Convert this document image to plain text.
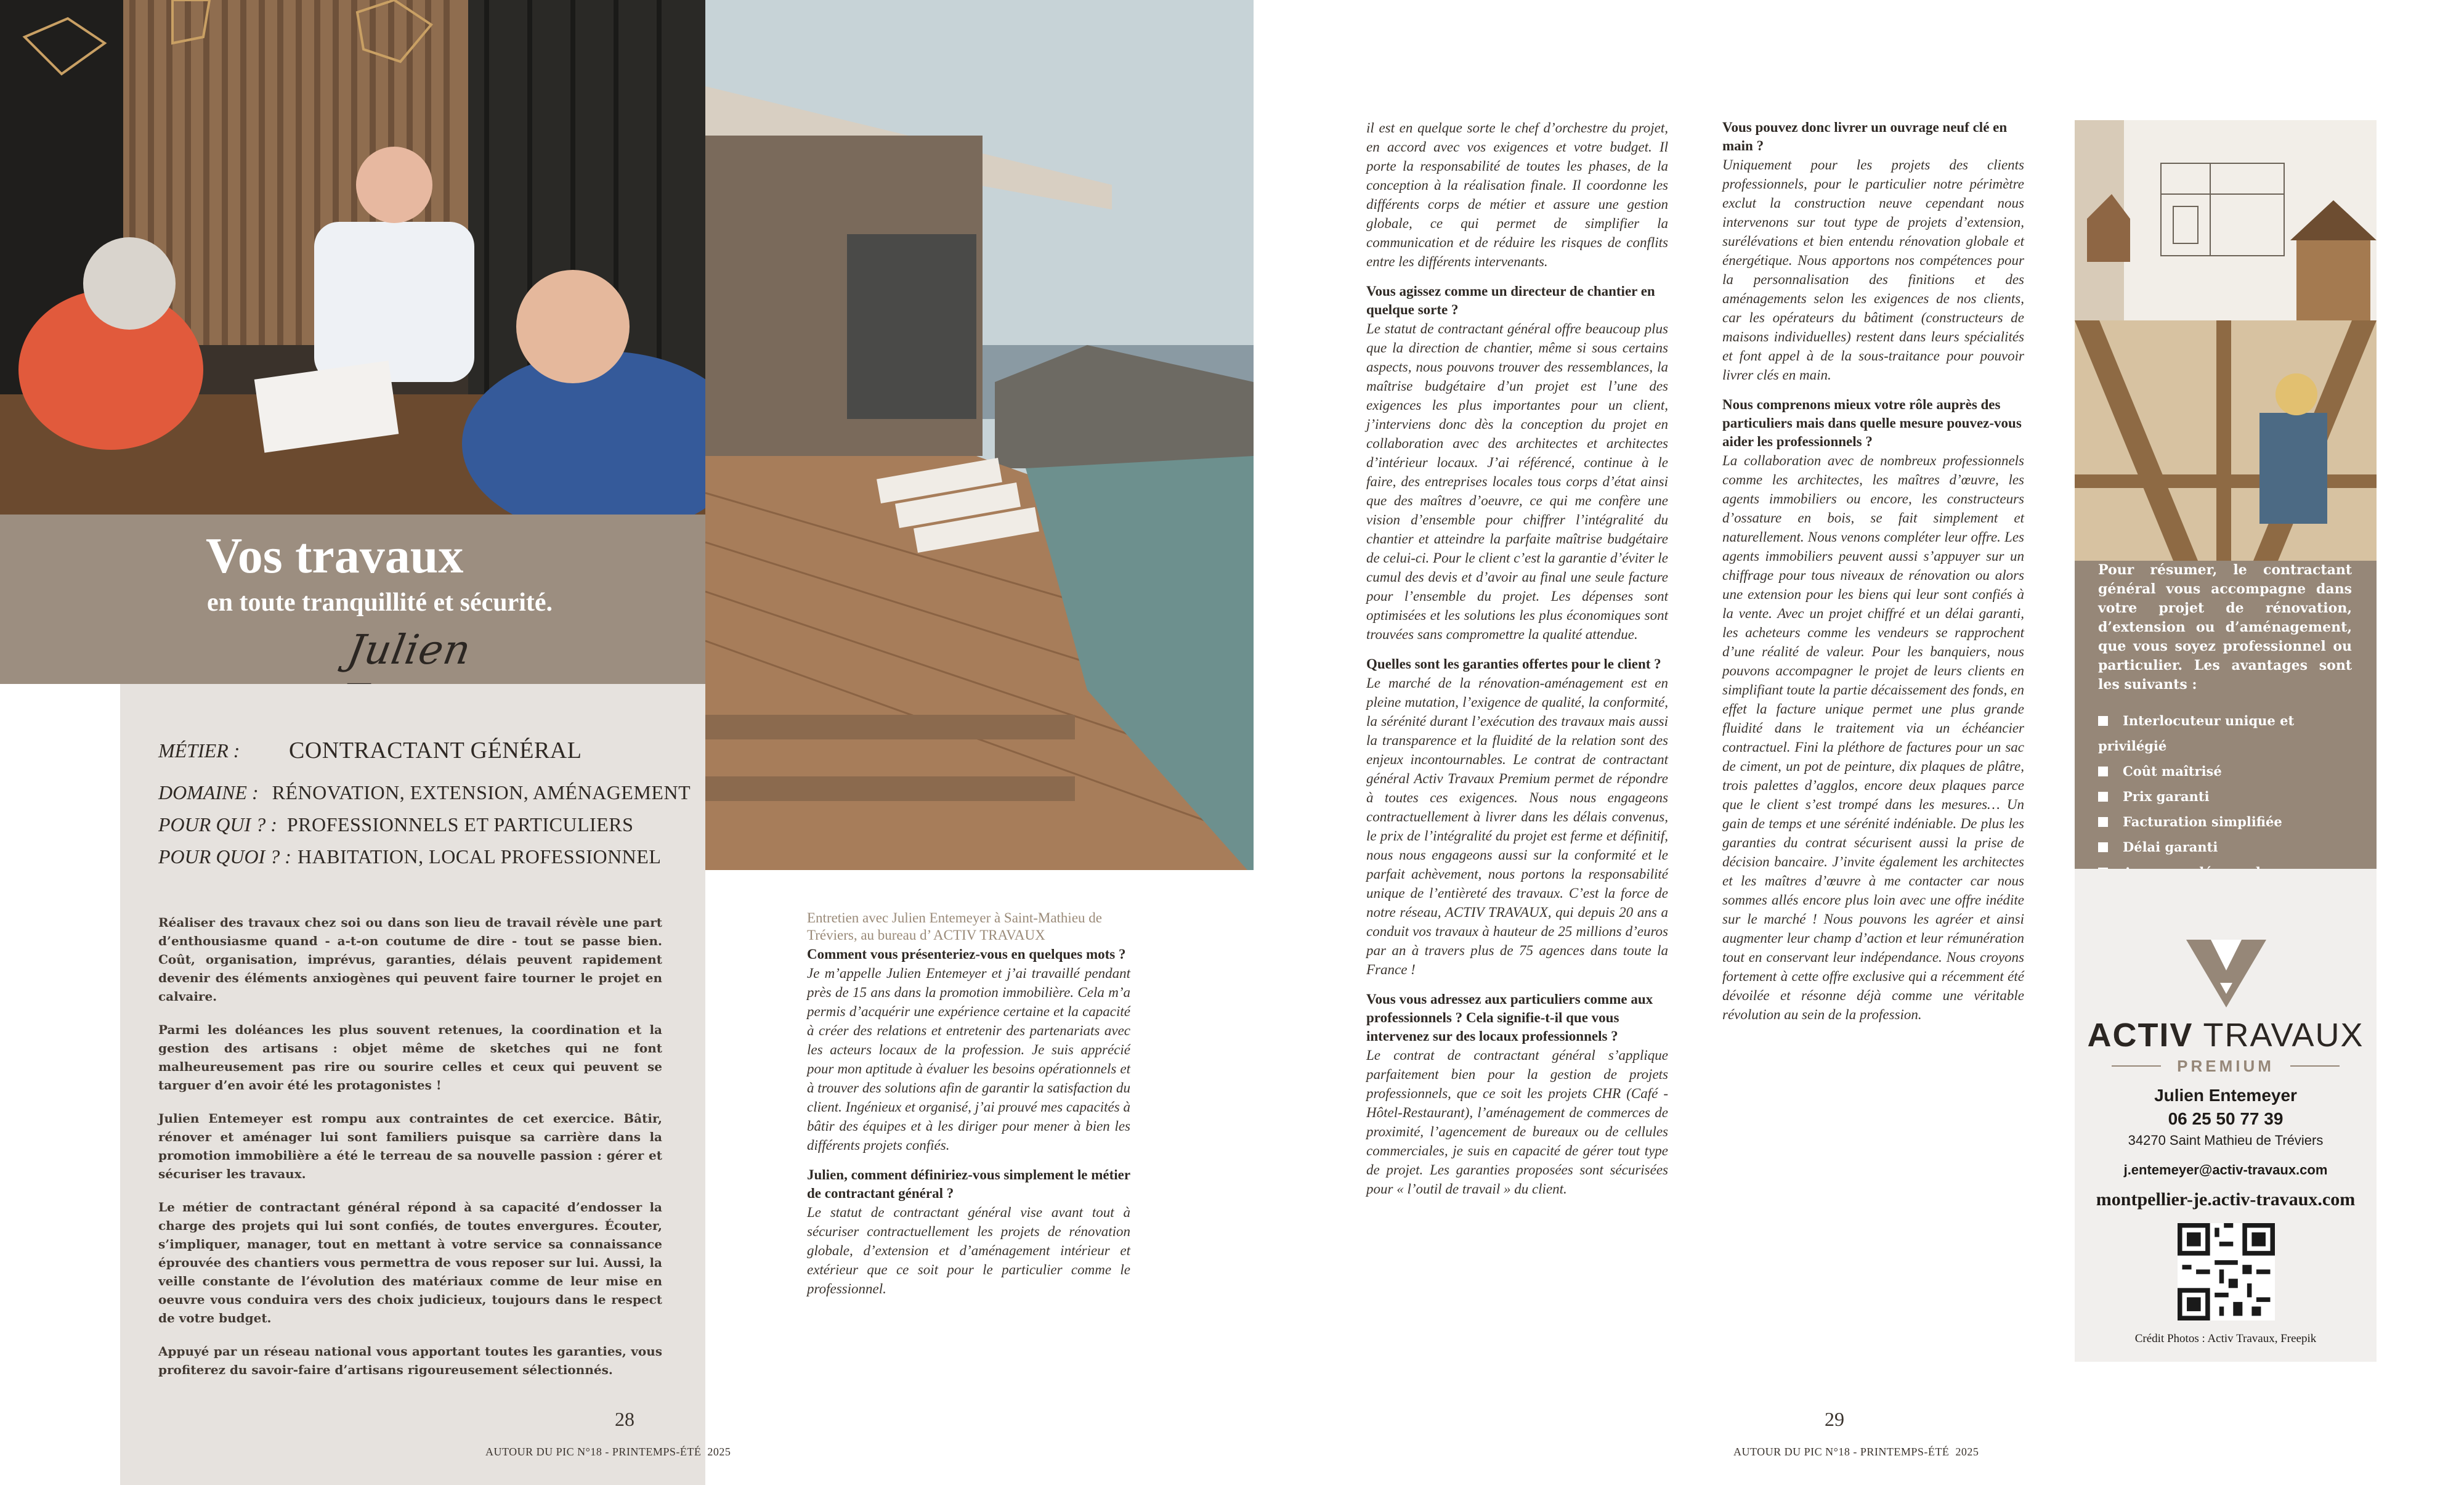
Vos travaux
en toute tranquillité et sécurité.
Julien
MÉTIER : CONTRACTANT GÉNÉRAL
DOMAINE : RÉNOVATION, EXTENSION, AMÉNAGEMENT
POUR QUI ? : PROFESSIONNELS ET PARTICULIERS
POUR QUOI ? : HABITATION, LOCAL PROFESSIONNEL

Réaliser des travaux chez soi ou dans son lieu de travail révèle une part d’enthousiasme quand - a-t-on coutume de dire - tout se passe bien. Coût, organisation, imprévus, garanties, délais peuvent rapidement devenir des éléments anxiogènes qui peuvent faire tourner le projet en calvaire.

Parmi les doléances les plus souvent retenues, la coordination et la gestion des artisans : objet même de sketches qui ne font malheureusement pas rire ou sourire celles et ceux qui peuvent se targuer d’en avoir été les protagonistes !

Julien Entemeyer est rompu aux contraintes de cet exercice. Bâtir, rénover et aménager lui sont familiers puisque sa carrière dans la promotion immobilière a été le terreau de sa nouvelle passion : gérer et sécuriser les travaux.

Le métier de contractant général répond à sa capacité d’endosser la charge des projets qui lui sont confiés, de toutes envergures. Écouter, s’impliquer, manager, tout en mettant à votre service sa connaissance éprouvée des chantiers vous permettra de vous reposer sur lui. Aussi, la veille constante de l’évolution des matériaux comme de leur mise en oeuvre vous conduira vers des choix judicieux, toujours dans le respect de votre budget.

Appuyé par un réseau national vous apportant toutes les garanties, vous profiterez du savoir-faire d’artisans rigoureusement sélectionnés.

Entretien avec Julien Entemeyer à Saint-Mathieu de Tréviers, au bureau d’ ACTIV TRAVAUX
Comment vous présenteriez-vous en quelques mots ?

Je m’appelle Julien Entemeyer et j’ai travaillé pendant près de 15 ans dans la promotion immobilière. Cela m’a permis d’acquérir une expérience certaine et la capacité à créer des relations et entretenir des partenariats avec les acteurs locaux de la profession. Je suis apprécié pour mon aptitude à évaluer les besoins opérationnels et à trouver des solutions afin de garantir la satisfaction du client. Ingénieux et organisé, j’ai prouvé mes capacités à bâtir des équipes et à les diriger pour mener à bien les différents projets confiés.

Julien, comment définiriez-vous simplement le métier de contractant général ?

Le statut de contractant général vise avant tout à sécuriser contractuellement les projets de rénovation globale, d’extension et d’aménagement intérieur et extérieur que ce soit pour le particulier comme le professionnel.

28
AUTOUR DU PIC N°18 - PRINTEMPS-ÉTÉ  2025

il est en quelque sorte le chef d’orchestre du projet, en accord avec vos exigences et votre budget. Il porte la responsabilité de toutes les phases, de la conception à la réalisation finale. Il coordonne les différents corps de métier et assure une gestion globale, ce qui permet de simplifier la communication et de réduire les risques de conflits entre les différents intervenants.

Vous agissez comme un directeur de chantier en quelque sorte ?

Le statut de contractant général offre beaucoup plus que la direction de chantier, même si sous certains aspects, nous pouvons trouver des ressemblances, la maîtrise budgétaire d’un projet est l’une des exigences les plus importantes pour un client, j’interviens donc dès la conception du projet en collaboration avec des architectes et architectes d’intérieur locaux. J’ai référencé, continue à le faire, des entreprises locales tous corps d’état ainsi que des maîtres d’oeuvre, ce qui me confère une vision d’ensemble pour chiffrer l’intégralité du chantier et atteindre la parfaite maîtrise budgétaire de celui-ci. Pour le client c’est la garantie d’éviter le cumul des devis et d’avoir au final une seule facture pour l’ensemble du projet. Les dépenses sont optimisées et les solutions les plus économiques sont trouvées sans compromettre la qualité attendue.

Quelles sont les garanties offertes pour le client ?

Le marché de la rénovation-aménagement est en pleine mutation, l’exigence de qualité, la conformité, la sérénité durant l’exécution des travaux mais aussi la transparence et la fluidité de la relation sont des enjeux incontournables. Le contrat de contractant général Activ Travaux Premium permet de répondre à toutes ces exigences. Nous nous engageons contractuellement à livrer dans les délais convenus, le prix de l’intégralité du projet est ferme et définitif, nous nous engageons aussi sur la conformité et le parfait achèvement, nous portons la responsabilité unique de l’entièreté des travaux. C’est la force de notre réseau, ACTIV TRAVAUX, qui depuis 20 ans a conduit vos travaux à hauteur de 25 millions d’euros par an à travers plus de 75 agences dans toute la France !

Vous vous adressez aux particuliers comme aux professionnels ? Cela signifie-t-il que vous intervenez sur des locaux professionnels ?

Le contrat de contractant général s’applique parfaitement bien pour la gestion de projets professionnels, que ce soit les projets CHR (Café -Hôtel-Restaurant), l’aménagement de commerces de proximité, l’agencement de bureaux ou de cellules commerciales, je suis en capacité de gérer tout type de projet. Les garanties proposées sont sécurisées pour « l’outil de travail » du client.

Vous pouvez donc livrer un ouvrage neuf clé en main ?

Uniquement pour les projets des clients professionnels, pour le particulier notre périmètre exclut la construction neuve cependant nous intervenons sur tout type de projets d’extension, surélévations et bien entendu rénovation globale et énergétique. Nous apportons nos compétences pour la personnalisation des finitions et des aménagements selon les exigences de nos clients, car les opérateurs du bâtiment (constructeurs de maisons individuelles) restent dans leurs spécialités et font appel à de la sous-traitance pour pouvoir livrer clés en main.

Nous comprenons mieux votre rôle auprès des particuliers mais dans quelle mesure pouvez-vous aider les professionnels ?

La collaboration avec de nombreux professionnels comme les architectes, les maîtres d’œuvre, les agents immobiliers ou encore, les constructeurs d’ossature en bois, se fait simplement et naturellement. Nous venons compléter leur offre. Les agents immobiliers peuvent aussi s’appuyer sur un chiffrage pour tous niveaux de rénovation ou alors une extension pour les biens qui leur sont confiés à la vente. Avec un projet chiffré et un délai garanti, les acheteurs comme les vendeurs se rapprochent d’une réalité de valeur. Pour les banquiers, nous pouvons accompagner le projet de leurs clients en simplifiant toute la partie décaissement des fonds, en effet la facture unique permet une plus grande fluidité dans le traitement via un échéancier contractuel. Fini la pléthore de factures pour un sac de ciment, un pot de peinture, dix plaques de plâtre, trois palettes d’agglos, encore deux plaques parce que le client s’est trompé dans les mesures… Un gain de temps et une sérénité indéniable. De plus les garanties du contrat sécurisent aussi la prise de décision bancaire. J’invite également les architectes et les maîtres d’œuvre à me contacter car nous sommes allés encore plus loin avec une offre inédite sur le marché ! Nous pouvons les agréer et ainsi augmenter leur champ d’action et leur rémunération tout en conservant leur indépendance. Nous croyons fortement à cette offre exclusive qui a récemment été dévoilée et résonne déjà comme une véritable révolution au sein de la profession.

Pour résumer, le contractant général vous accompagne dans votre projet de rénovation, d’extension ou d’aménagement, que vous soyez professionnel ou particulier. Les avantages sont les suivants :

Interlocuteur unique et privilégié
Coût maîtrisé
Prix garanti
Facturation simplifiée
Délai garanti
ACTIV TRAVAUX
PREMIUM
Julien Entemeyer
06 25 50 77 39
34270 Saint Mathieu de Tréviers
j.entemeyer@activ-travaux.com
montpellier-je.activ-travaux.com
Crédit Photos : Activ Travaux, Freepik
29
AUTOUR DU PIC N°18 - PRINTEMPS-ÉTÉ  2025
